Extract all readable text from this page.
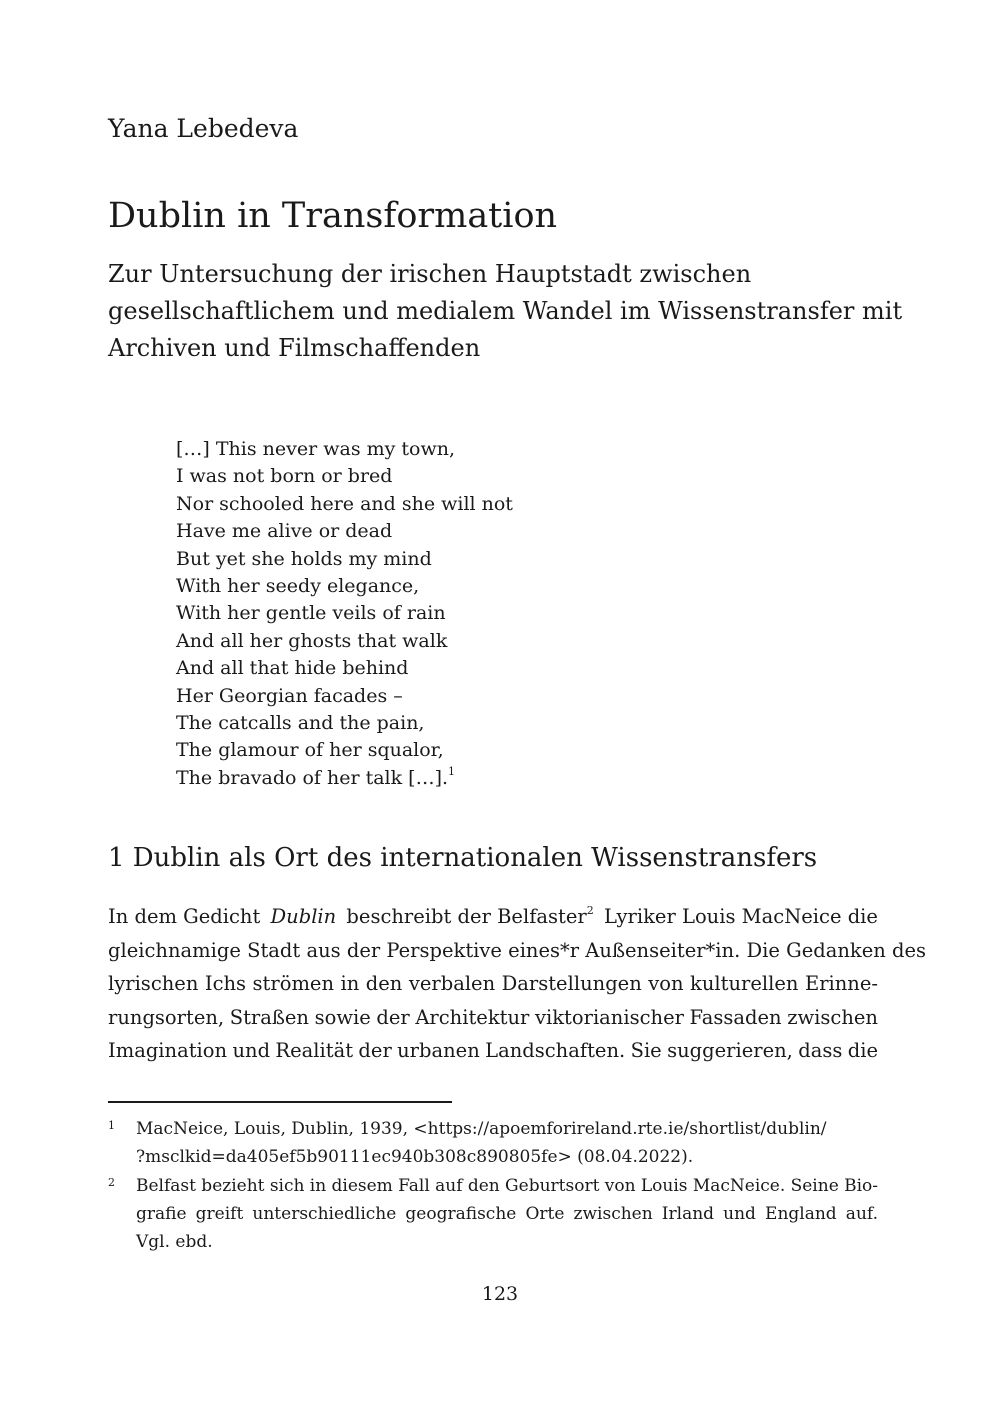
Yana Lebedeva
Dublin in Transformation
Zur Untersuchung der irischen Hauptstadt zwischen
gesellschaftlichem und medialem Wandel im Wissenstransfer mit
Archiven und Filmschaffenden
[…] This never was my town,
I was not born or bred
Nor schooled here and she will not
Have me alive or dead
But yet she holds my mind
With her seedy elegance,
With her gentle veils of rain
And all her ghosts that walk
And all that hide behind
Her Georgian facades –
The catcalls and the pain,
The glamour of her squalor,
The bravado of her talk […].$^1$
1 Dublin als Ort des internationalen Wissenstransfers
In dem Gedicht Dublin beschreibt der Belfaster$^2$ Lyriker Louis MacNeice die
gleichnamige Stadt aus der Perspektive eines*r Außenseiter*in. Die Gedanken des
lyrischen Ichs strömen in den verbalen Darstellungen von kulturellen Erinne-
rungsorten, Straßen sowie der Architektur viktorianischer Fassaden zwischen
Imagination und Realität der urbanen Landschaften. Sie suggerieren, dass die
1 MacNeice, Louis, Dublin, 1939, <https://apoemforireland.rte.ie/shortlist/dublin/
?msclkid=da405ef5b90111ec940b308c890805fe> (08.04.2022).
2 Belfast bezieht sich in diesem Fall auf den Geburtsort von Louis MacNeice. Seine Bio- grafie greift unterschiedliche geografische Orte zwischen Irland und England auf.
Vgl. ebd.
123
